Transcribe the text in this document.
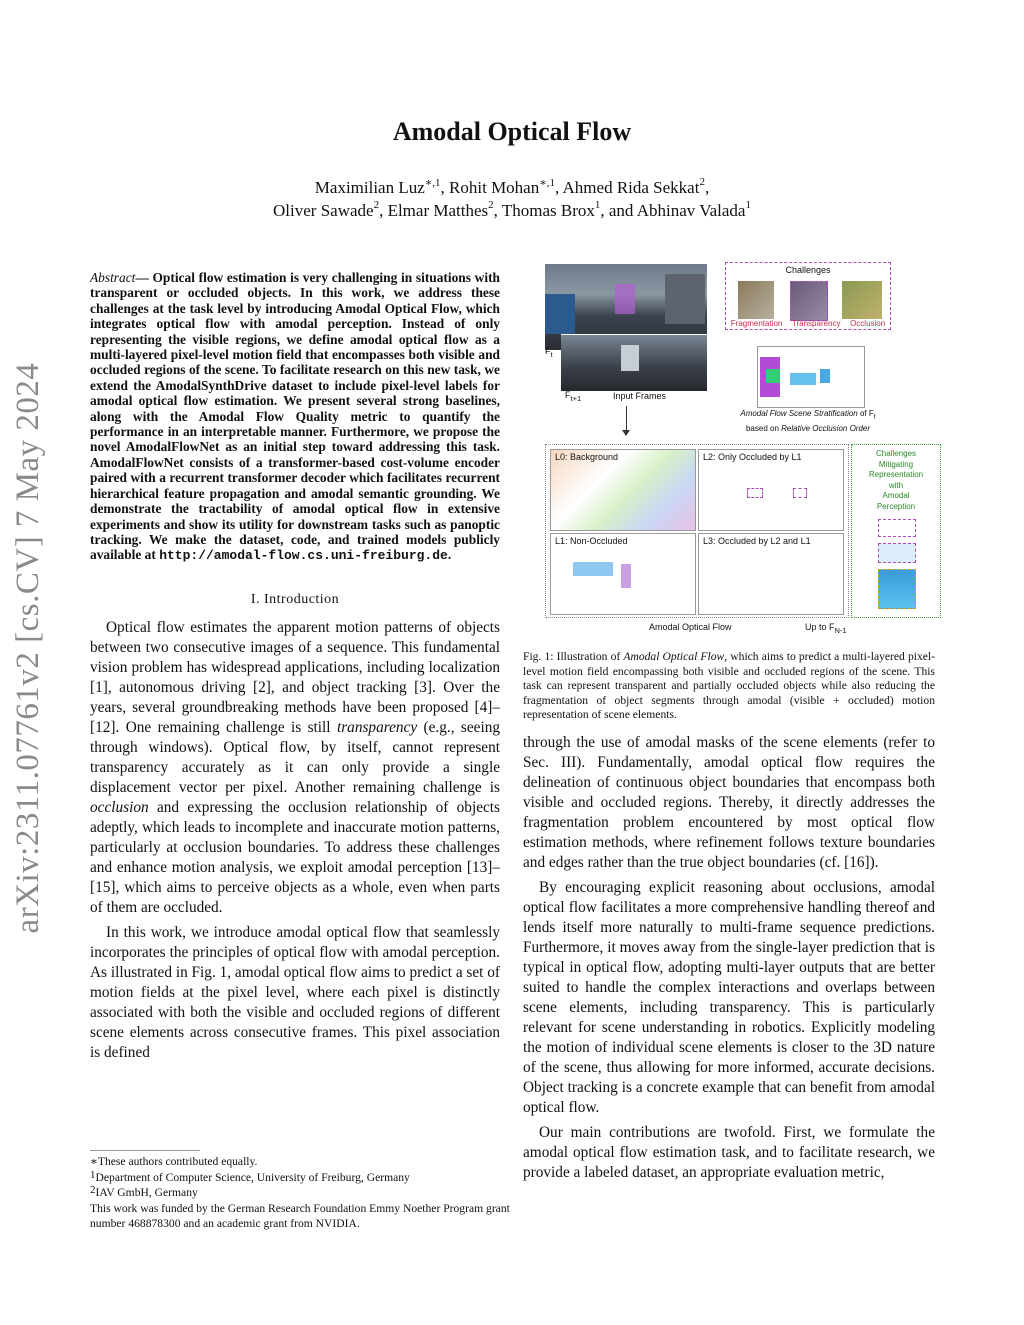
arXiv:2311.07761v2 [cs.CV] 7 May 2024
Amodal Optical Flow
Maximilian Luz$^{∗,1}$, Rohit Mohan$^{∗,1}$, Ahmed Rida Sekkat$^2$,
Oliver Sawade$^2$, Elmar Matthes$^2$, Thomas Brox$^1$, and Abhinav Valada$^1$
Abstract— Optical flow estimation is very challenging in situations with transparent or occluded objects. In this work, we address these challenges at the task level by introducing Amodal Optical Flow, which integrates optical flow with amodal perception. Instead of only representing the visible regions, we define amodal optical flow as a multi-layered pixel-level motion field that encompasses both visible and occluded regions of the scene. To facilitate research on this new task, we extend the AmodalSynthDrive dataset to include pixel-level labels for amodal optical flow estimation. We present several strong baselines, along with the Amodal Flow Quality metric to quantify the performance in an interpretable manner. Furthermore, we propose the novel AmodalFlowNet as an initial step toward addressing this task. AmodalFlowNet consists of a transformer-based cost-volume encoder paired with a recurrent transformer decoder which facilitates recurrent hierarchical feature propagation and amodal semantic grounding. We demonstrate the tractability of amodal optical flow in extensive experiments and show its utility for downstream tasks such as panoptic tracking. We make the dataset, code, and trained models publicly available at http://amodal-flow.cs.uni-freiburg.de.
I. Introduction

Optical flow estimates the apparent motion patterns of objects between two consecutive images of a sequence. This fundamental vision problem has widespread applications, including localization [1], autonomous driving [2], and object tracking [3]. Over the years, several groundbreaking methods have been proposed [4]–[12]. One remaining challenge is still transparency (e.g., seeing through windows). Optical flow, by itself, cannot represent transparency accurately as it can only provide a single displacement vector per pixel. Another remaining challenge is occlusion and expressing the occlusion relationship of objects adeptly, which leads to incomplete and inaccurate motion patterns, particularly at occlusion boundaries. To address these challenges and enhance motion analysis, we exploit amodal perception [13]–[15], which aims to perceive objects as a whole, even when parts of them are occluded.

In this work, we introduce amodal optical flow that seamlessly incorporates the principles of optical flow with amodal perception. As illustrated in Fig. 1, amodal optical flow aims to predict a set of motion fields at the pixel level, where each pixel is distinctly associated with both the visible and occluded regions of different scene elements across consecutive frames. This pixel association is defined

∗These authors contributed equally.
$^1$Department of Computer Science, University of Freiburg, Germany
$^2$IAV GmbH, Germany
This work was funded by the German Research Foundation Emmy Noether Program grant number 468878300 and an academic grant from NVIDIA.
$F_t$
$F_{t+1}$	Input Frames
Challenges
Fragmentation Transparency Occlusion
Amodal Flow Scene Stratification of $F_t$
based on Relative Occlusion Order
L0: Background	L2: Only Occluded by L1
L1: Non-Occluded	L3: Occluded by L2 and L1
Challenges
Mitigating
Representation
with
Amodal
Perception
Amodal Optical Flow	Up to $F_{N-1}$
Fig. 1: Illustration of Amodal Optical Flow, which aims to predict a multi-layered pixel-level motion field encompassing both visible and occluded regions of the scene. This task can represent transparent and partially occluded objects while also reducing the fragmentation of object segments through amodal (visible + occluded) motion representation of scene elements.

through the use of amodal masks of the scene elements (refer to Sec. III). Fundamentally, amodal optical flow requires the delineation of continuous object boundaries that encompass both visible and occluded regions. Thereby, it directly addresses the fragmentation problem encountered by most optical flow estimation methods, where refinement follows texture boundaries and edges rather than the true object boundaries (cf. [16]).

By encouraging explicit reasoning about occlusions, amodal optical flow facilitates a more comprehensive handling thereof and lends itself more naturally to multi-frame sequence predictions. Furthermore, it moves away from the single-layer prediction that is typical in optical flow, adopting multi-layer outputs that are better suited to handle the complex interactions and overlaps between scene elements, including transparency. This is particularly relevant for scene understanding in robotics. Explicitly modeling the motion of individual scene elements is closer to the 3D nature of the scene, thus allowing for more informed, accurate decisions. Object tracking is a concrete example that can benefit from amodal optical flow.

Our main contributions are twofold. First, we formulate the amodal optical flow estimation task, and to facilitate research, we provide a labeled dataset, an appropriate evaluation metric,
